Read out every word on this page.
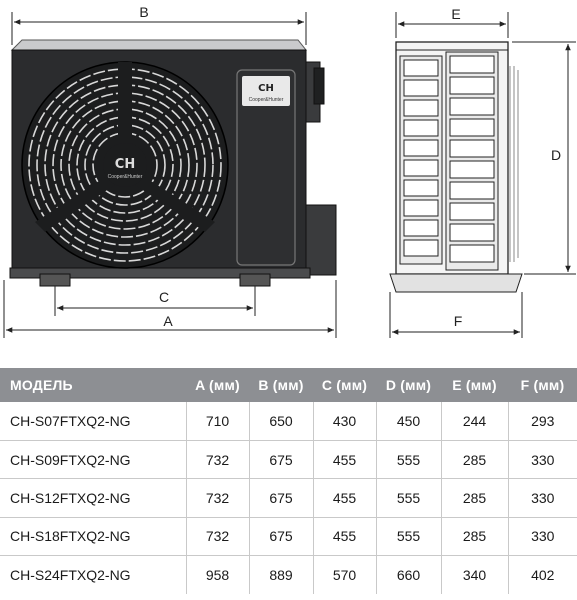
CH
Cooper&Hunter
CH
Cooper&Hunter
B
C
A
E
D
F
МОДЕЛЬ	A (мм)	B (мм)	C (мм)	D (мм)	E (мм)	F (мм)
CH-S07FTXQ2-NG	710	650	430	450	244	293
CH-S09FTXQ2-NG	732	675	455	555	285	330
CH-S12FTXQ2-NG	732	675	455	555	285	330
CH-S18FTXQ2-NG	732	675	455	555	285	330
CH-S24FTXQ2-NG	958	889	570	660	340	402
